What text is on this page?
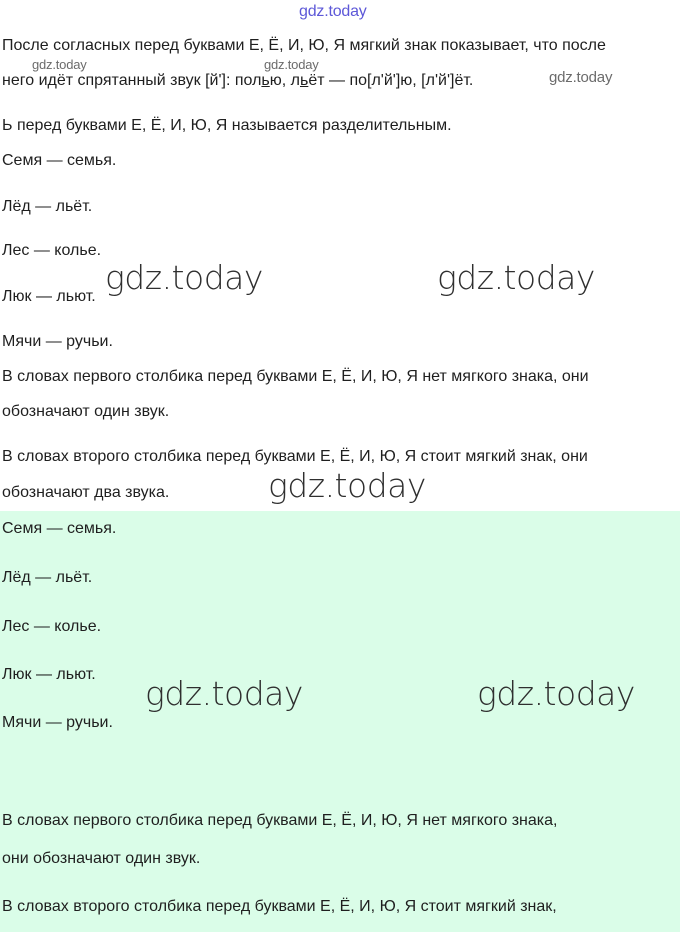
gdz.today
После согласных перед буквами Е, Ё, И, Ю, Я мягкий знак показывает, что после
него идёт спрятанный звук [й']: полью, льёт — по[л'й']ю, [л'й']ёт.
Ь перед буквами Е, Ё, И, Ю, Я называется разделительным.
Семя — семья.
Лёд — льёт.
Лес — колье.
Люк — льют.
Мячи — ручьи.
В словах первого столбика перед буквами Е, Ё, И, Ю, Я нет мягкого знака, они
обозначают один звук.
В словах второго столбика перед буквами Е, Ё, И, Ю, Я стоит мягкий знак, они
обозначают два звука.
Семя — семья.
Лёд — льёт.
Лес — колье.
Люк — льют.
Мячи — ручьи.
В словах первого столбика перед буквами Е, Ё, И, Ю, Я нет мягкого знака,
они обозначают один звук.
В словах второго столбика перед буквами Е, Ё, И, Ю, Я стоит мягкий знак,
gdz.today	gdz.today
gdz.today
gdz.today	gdz.today
gdz.today
gdz.today	gdz.today
